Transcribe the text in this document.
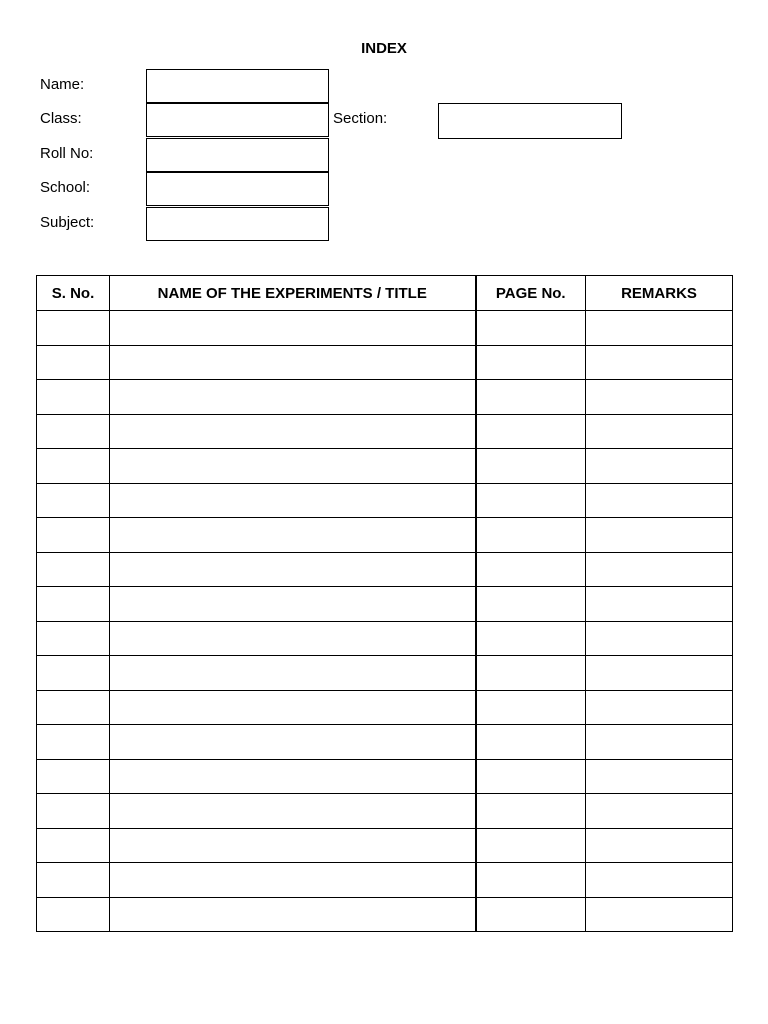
INDEX
Name:
Class:
Roll No:
School:
Subject:
Section:
S. No.	NAME OF THE EXPERIMENTS / TITLE	PAGE No.	REMARKS
